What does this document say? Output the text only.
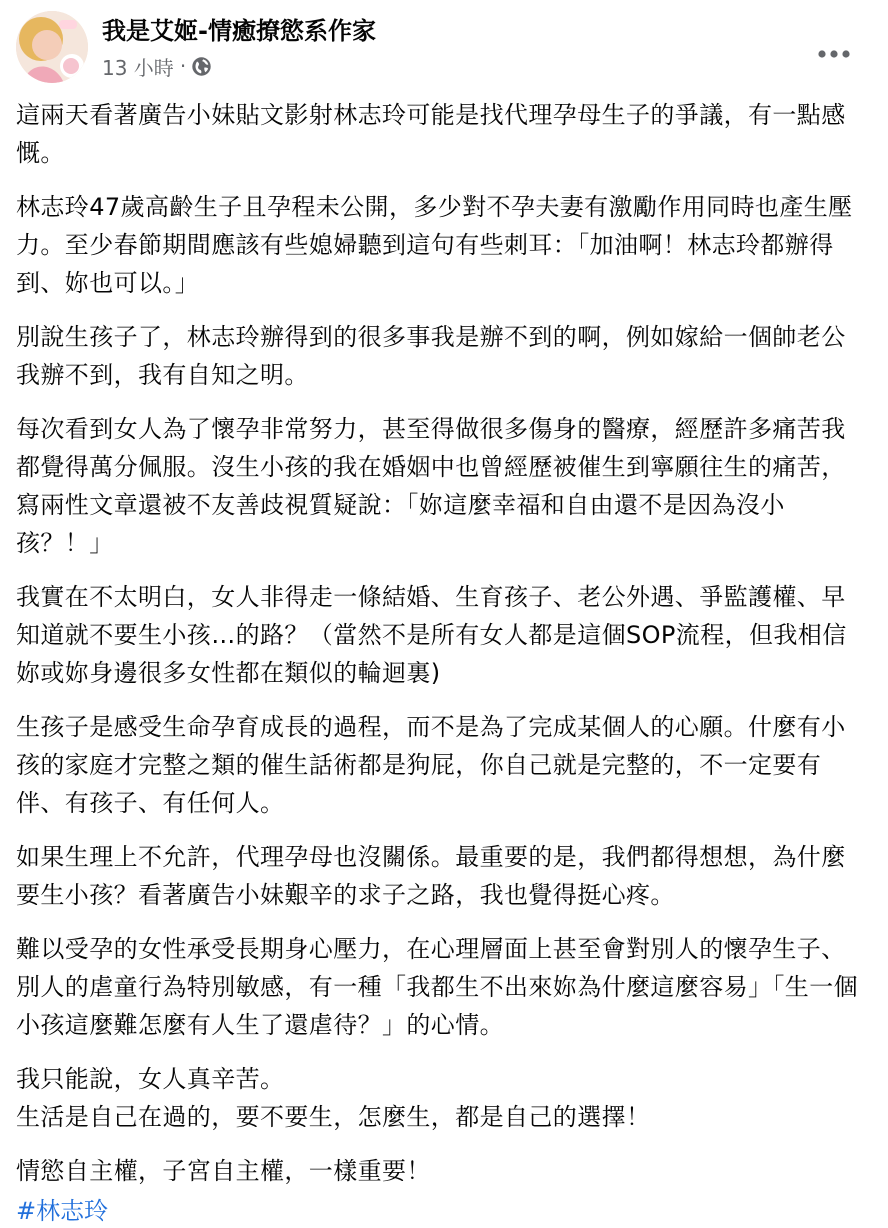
我是艾姬-情癒撩慾系作家
13 小時 ·

這兩天看著廣告小妹貼文影射林志玲可能是找代理孕母生子的爭議，有一點感慨。

林志玲47歲高齡生子且孕程未公開，多少對不孕夫妻有激勵作用同時也產生壓力。至少春節期間應該有些媳婦聽到這句有些刺耳：「加油啊！林志玲都辦得到、妳也可以。」

別說生孩子了，林志玲辦得到的很多事我是辦不到的啊，例如嫁給一個帥老公我辦不到，我有自知之明。

每次看到女人為了懷孕非常努力，甚至得做很多傷身的醫療，經歷許多痛苦我都覺得萬分佩服。沒生小孩的我在婚姻中也曾經歷被催生到寧願往生的痛苦，寫兩性文章還被不友善歧視質疑說：「妳這麼幸福和自由還不是因為沒小孩？！」

我實在不太明白，女人非得走一條結婚、生育孩子、老公外遇、爭監護權、早知道就不要生小孩…的路？（當然不是所有女人都是這個SOP流程，但我相信妳或妳身邊很多女性都在類似的輪迴裏)

生孩子是感受生命孕育成長的過程，而不是為了完成某個人的心願。什麼有小孩的家庭才完整之類的催生話術都是狗屁，你自己就是完整的，不一定要有伴、有孩子、有任何人。

如果生理上不允許，代理孕母也沒關係。最重要的是，我們都得想想，為什麼要生小孩？看著廣告小妹艱辛的求子之路，我也覺得挺心疼。

難以受孕的女性承受長期身心壓力，在心理層面上甚至會對別人的懷孕生子、別人的虐童行為特別敏感，有一種「我都生不出來妳為什麼這麼容易」「生一個小孩這麼難怎麼有人生了還虐待？」的心情。

我只能說，女人真辛苦。
生活是自己在過的，要不要生，怎麼生，都是自己的選擇！

情慾自主權，子宮自主權，一樣重要！

#林志玲
